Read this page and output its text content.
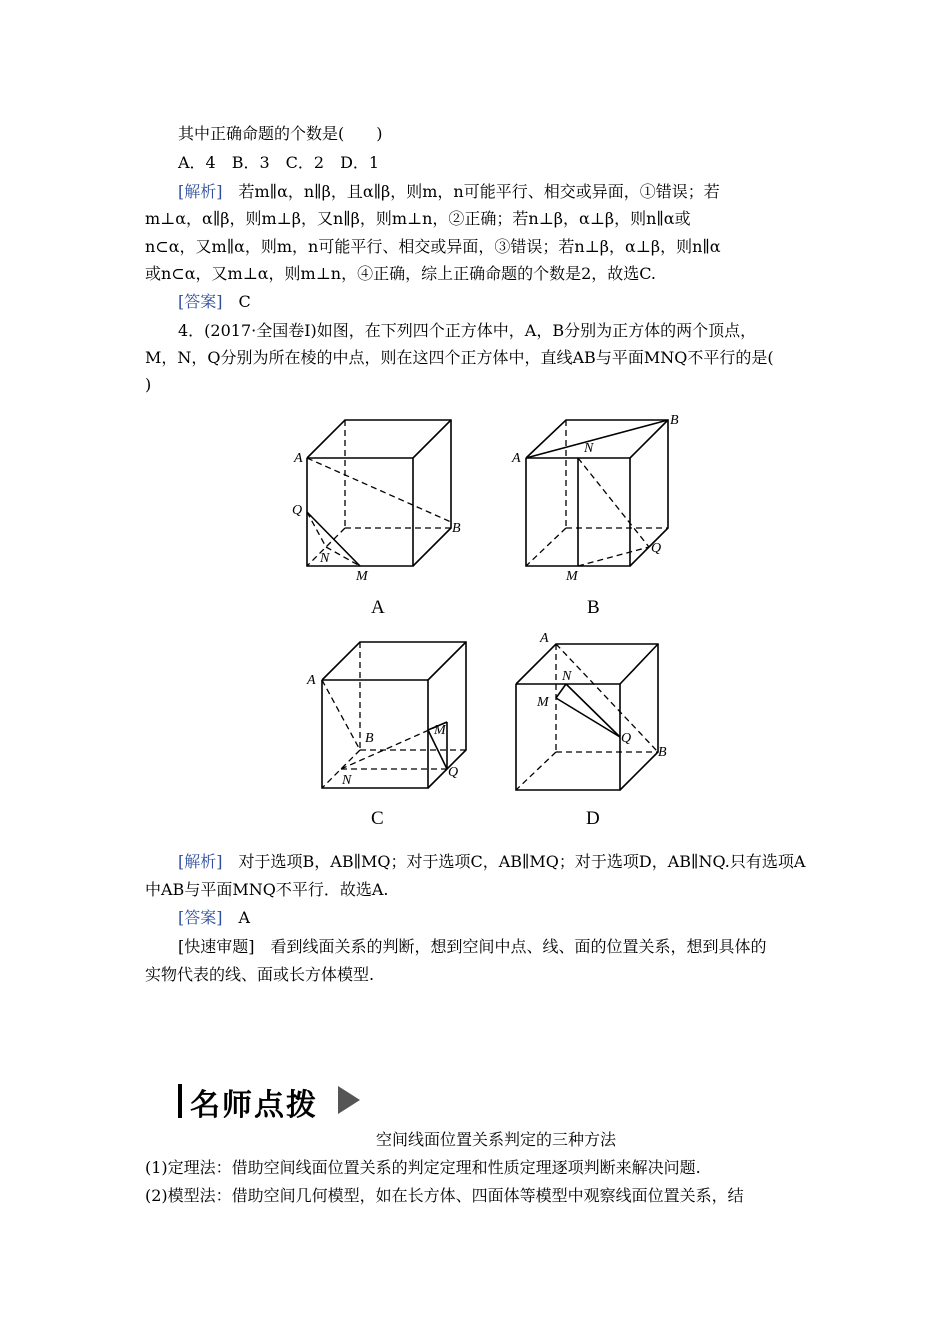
其中正确命题的个数是(　　)
A．4　B．3　C．2　D．1
[解析]　若m∥α，n∥β，且α∥β，则m，n可能平行、相交或异面，①错误；若
m⊥α，α∥β，则m⊥β，又n∥β，则m⊥n，②正确；若n⊥β，α⊥β，则n∥α或
n⊂α，又m∥α，则m，n可能平行、相交或异面，③错误；若n⊥β，α⊥β，则n∥α
或n⊂α，又m⊥α，则m⊥n，④正确，综上正确命题的个数是2，故选C.
[答案]　C
4．(2017·全国卷Ⅰ)如图，在下列四个正方体中，A，B分别为正方体的两个顶点，
M，N，Q分别为所在棱的中点，则在这四个正方体中，直线AB与平面MNQ不平行的是(
)
A
B
Q
N
M
A
B
N
Q
M
A
B
M
N
Q
A
B
N
M
Q
A	B
C	D
[解析]　对于选项B，AB∥MQ；对于选项C，AB∥MQ；对于选项D，AB∥NQ.只有选项A
中AB与平面MNQ不平行．故选A.
[答案]　A
[快速审题]　看到线面关系的判断，想到空间中点、线、面的位置关系，想到具体的
实物代表的线、面或长方体模型.
名师点拨
空间线面位置关系判定的三种方法
(1)定理法：借助空间线面位置关系的判定定理和性质定理逐项判断来解决问题.
(2)模型法：借助空间几何模型，如在长方体、四面体等模型中观察线面位置关系，结
